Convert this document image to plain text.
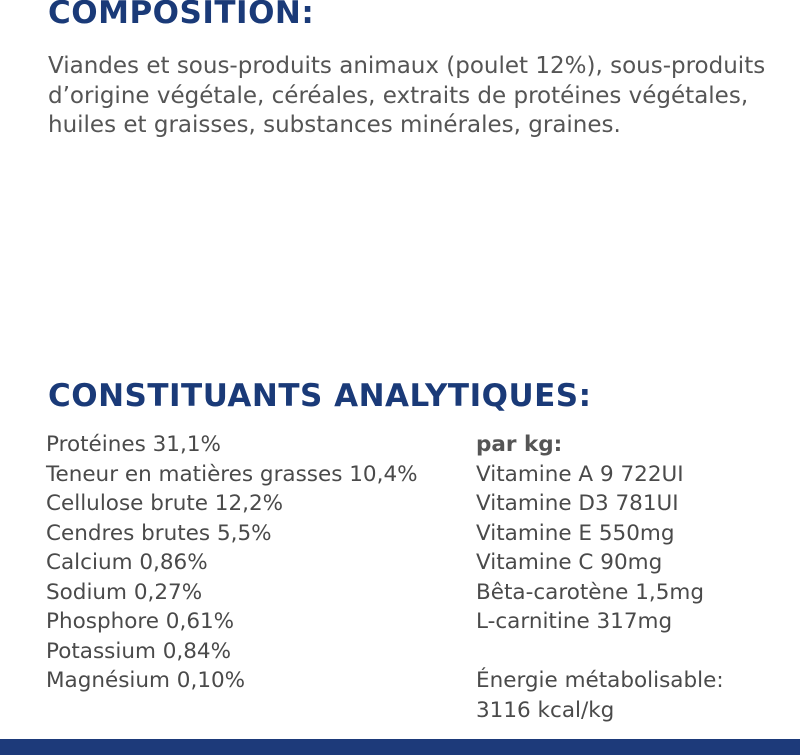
COMPOSITION:

Viandes et sous-produits animaux (poulet 12%), sous-produits d’origine végétale, céréales, extraits de protéines végétales, huiles et graisses, substances minérales, graines.

CONSTITUANTS ANALYTIQUES:
Protéines 31,1%
Teneur en matières grasses 10,4%
Cellulose brute 12,2%
Cendres brutes 5,5%
Calcium 0,86%
Sodium 0,27%
Phosphore 0,61%
Potassium 0,84%
Magnésium 0,10%
par kg:
Vitamine A 9 722UI
Vitamine D3 781UI
Vitamine E 550mg
Vitamine C 90mg
Bêta-carotène 1,5mg
L-carnitine 317mg
Énergie métabolisable:
3116 kcal/kg
